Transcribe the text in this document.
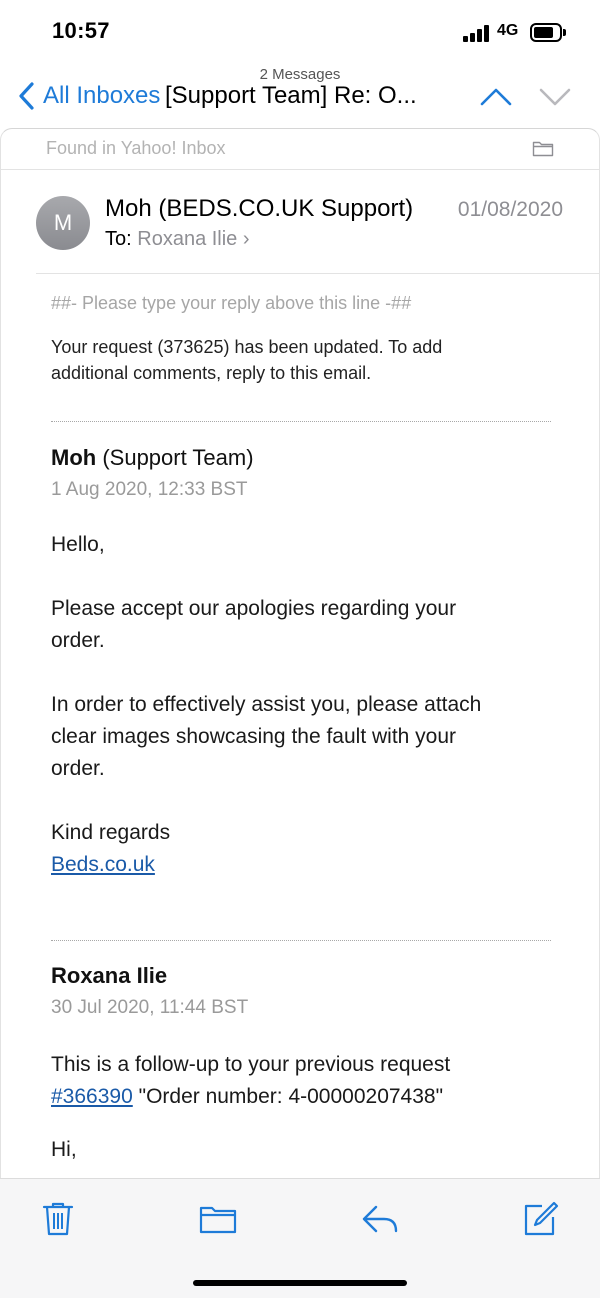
10:57	4G
2 Messages
All Inboxes [Support Team] Re: O...
Found in Yahoo! Inbox
M
Moh (BEDS.CO.UK Support) 01/08/2020
To: Roxana Ilie ›
##- Please type your reply above this line -##
Your request (373625) has been updated. To add
additional comments, reply to this email.
Moh (Support Team)
1 Aug 2020, 12:33 BST
Hello,
Please accept our apologies regarding your
order.
In order to effectively assist you, please attach
clear images showcasing the fault with your
order.
Kind regards
Beds.co.uk
Roxana Ilie
30 Jul 2020, 11:44 BST
This is a follow-up to your previous request
#366390 "Order number: 4-00000207438"
Hi,
